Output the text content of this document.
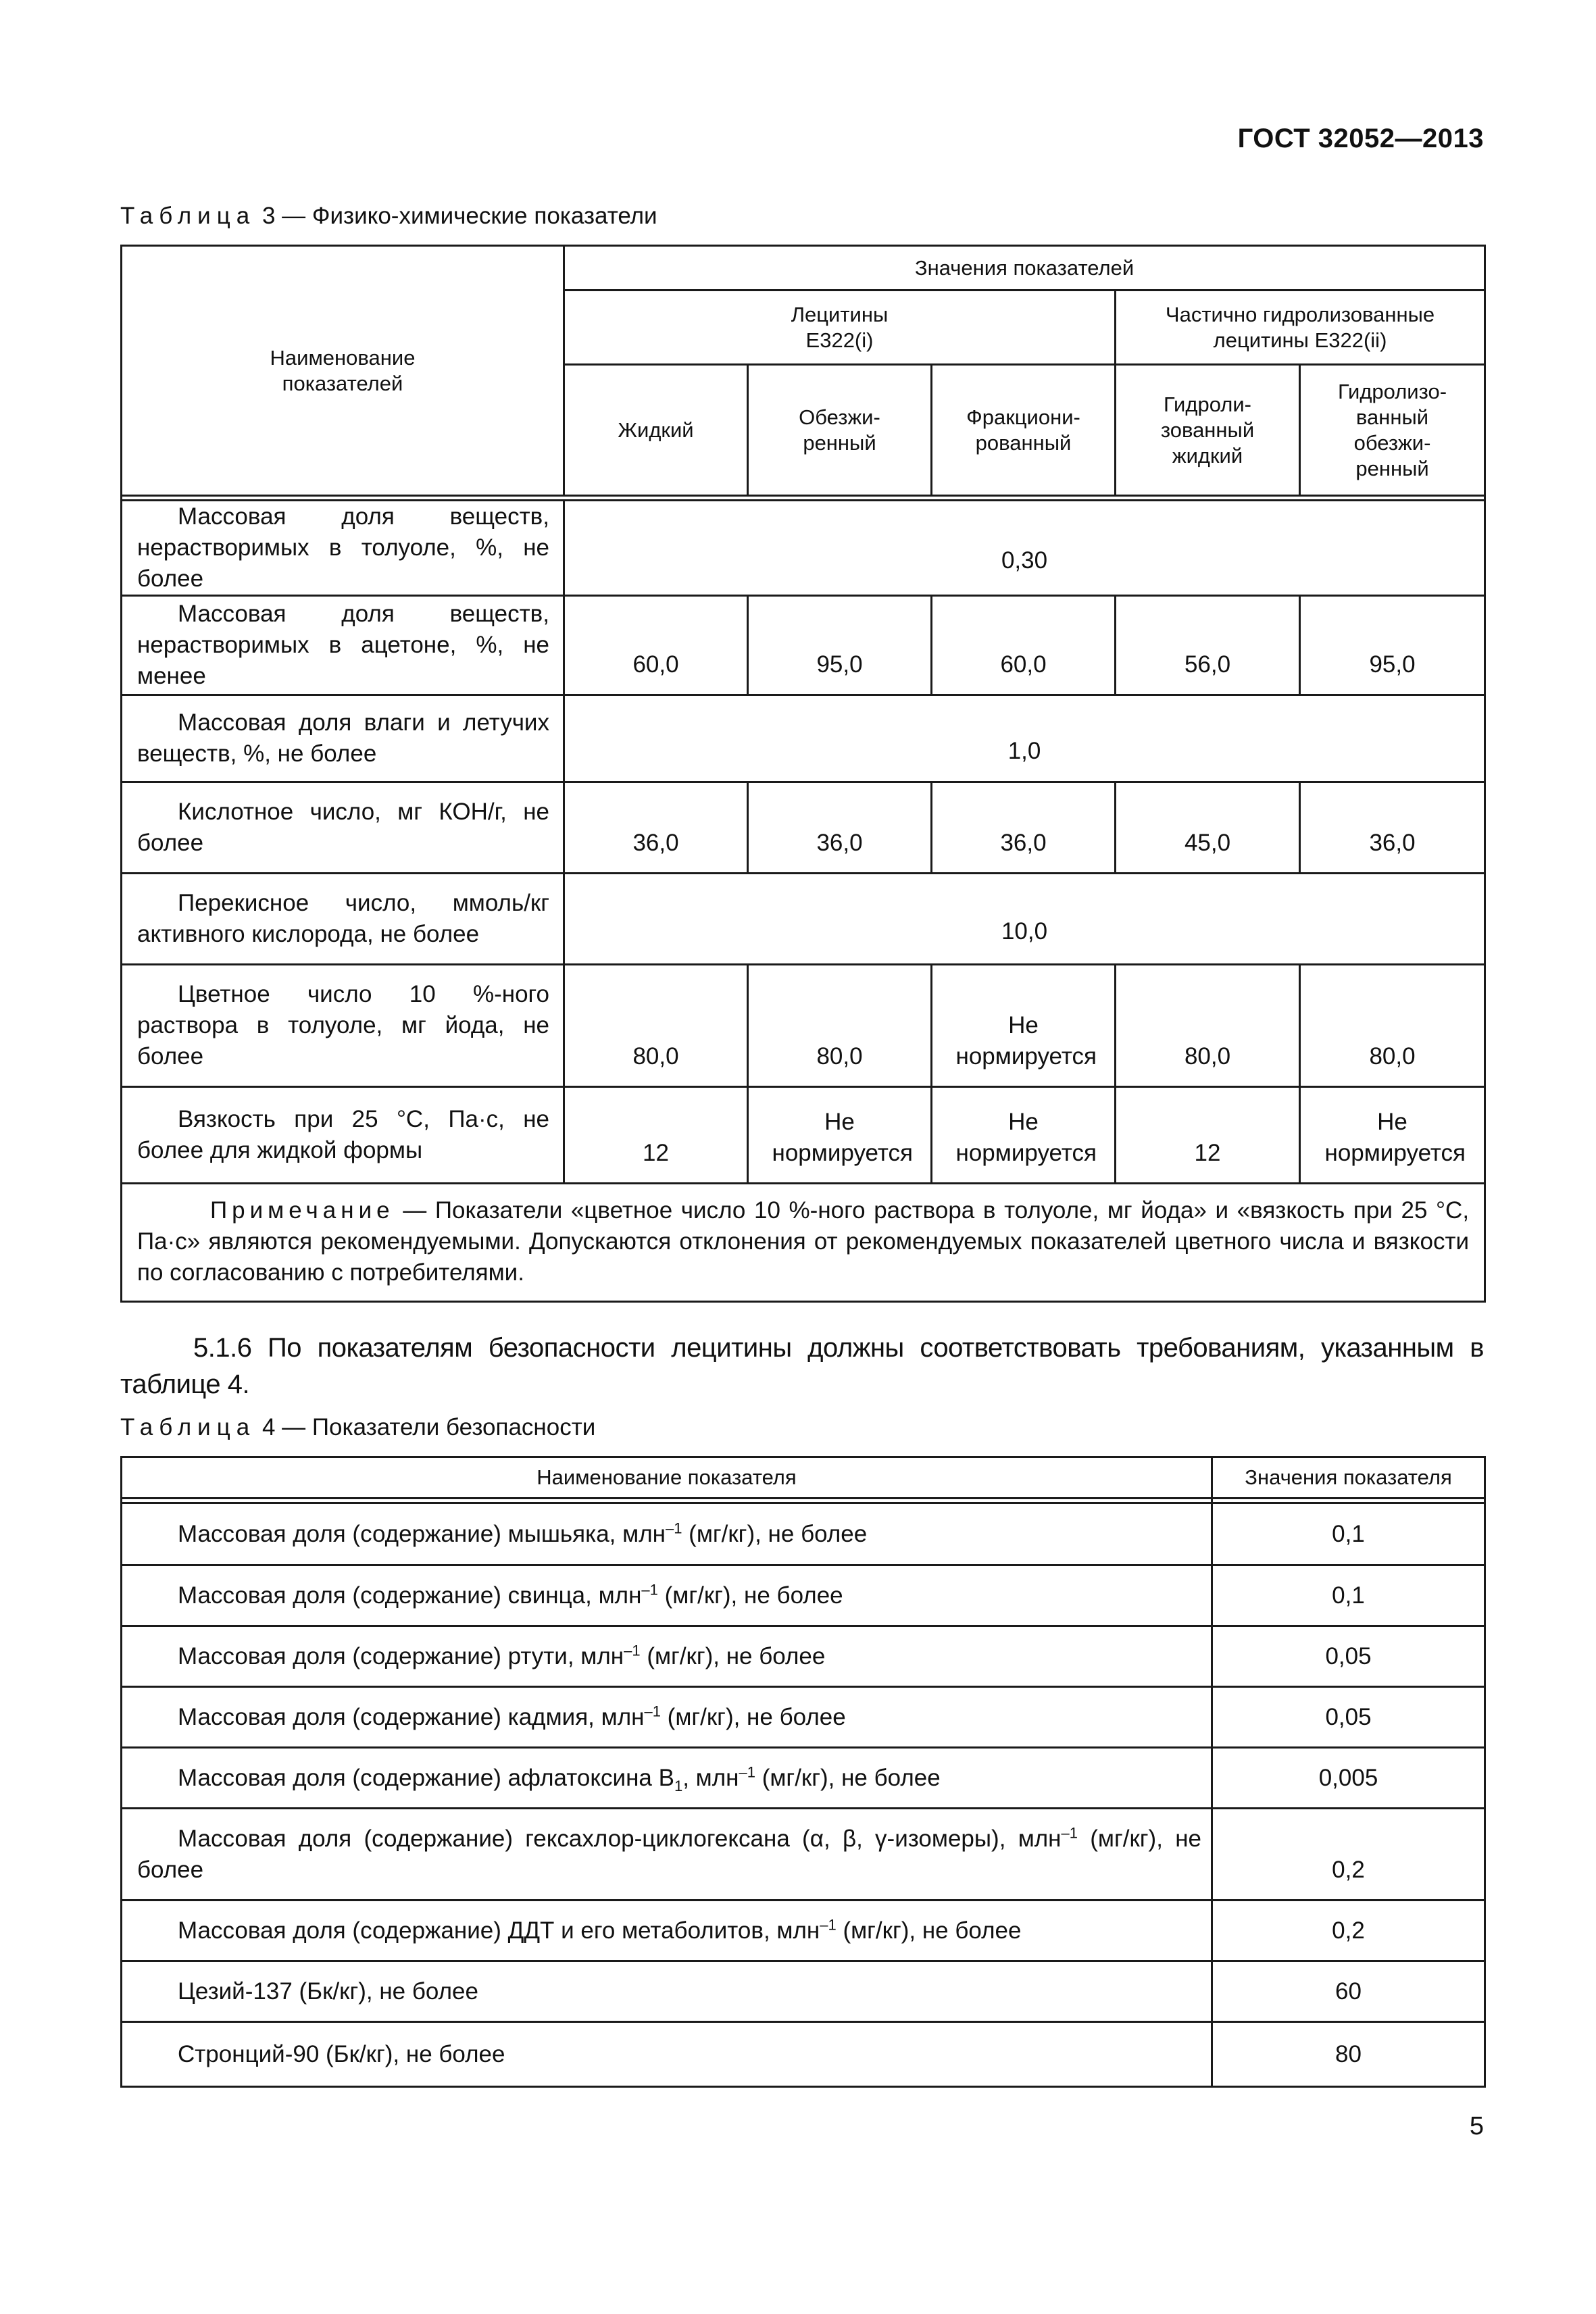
ГОСТ 32052—2013
Таблица 3 — Физико-химические показатели
Наименование показателей	Значения показателей				
	Лецитины Е322(i)			Частично гидролизованные лецитины Е322(ii)	
	Жидкий	Обезжи-ренный	Фракциони-рованный	Гидроли-зованный жидкий	Гидролизо-ванный обезжи-ренный

Массовая доля веществ, нерастворимых в толуоле, %, не более	0,30				
Массовая доля веществ, нерастворимых в ацетоне, %, не менее	60,0	95,0	60,0	56,0	95,0
Массовая доля влаги и летучих веществ, %, не более	1,0				
Кислотное число, мг КОН/г, не более	36,0	36,0	36,0	45,0	36,0
Перекисное число, ммоль/кг активного кислорода, не более	10,0				
Цветное число 10 %-ного раствора в толуоле, мг йода, не более	80,0	80,0	Не нормируется	80,0	80,0
Вязкость при 25 °С, Па·с, не более для жидкой формы	12	Не нормируется	Не нормируется	12	Не нормируется
Примечание — Показатели «цветное число 10 %-ного раствора в толуоле, мг йода» и «вязкость при 25 °С, Па·с» являются рекомендуемыми. Допускаются отклонения от рекомендуемых показателей цветного числа и вязкости по согласованию с потребителями.					
5.1.6 По показателям безопасности лецитины должны соответствовать требованиям, указанным в таблице 4.
Таблица 4 — Показатели безопасности
Наименование показателя	Значения показателя

Массовая доля (содержание) мышьяка, млн$^{-1}$ (мг/кг), не более	0,1
Массовая доля (содержание) свинца, млн$^{-1}$ (мг/кг), не более	0,1
Массовая доля (содержание) ртути, млн$^{-1}$ (мг/кг), не более	0,05
Массовая доля (содержание) кадмия, млн$^{-1}$ (мг/кг), не более	0,05
Массовая доля (содержание) афлатоксина $В_1$, млн$^{-1}$ (мг/кг), не более	0,005
Массовая доля (содержание) гексахлор-циклогексана (α, β, γ-изомеры), млн$^{-1}$ (мг/кг), не более	0,2
Массовая доля (содержание) ДДТ и его метаболитов, млн$^{-1}$ (мг/кг), не более	0,2
Цезий-137 (Бк/кг), не более	60
Стронций-90 (Бк/кг), не более	80
5
